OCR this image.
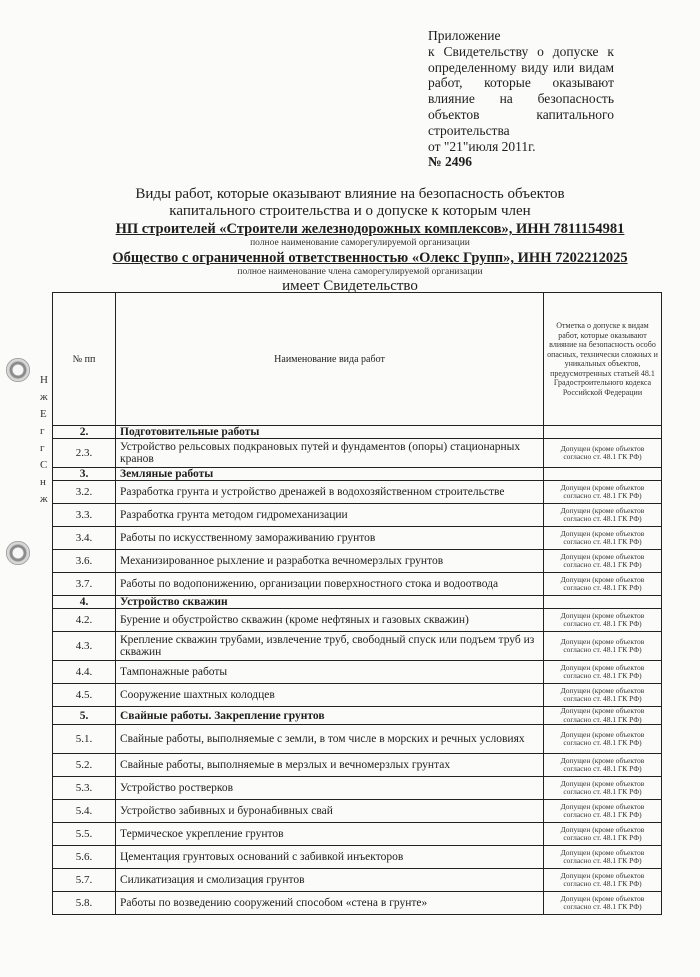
Н
ж
Е
г
г
С
н
ж
Приложение
к Свидетельству о допуске к определенному виду или видам работ, которые оказывают влияние на безопасность объектов капитального строительства
от "21"июля 2011г.
№ 2496
Виды работ, которые оказывают влияние на безопасность объектов капитального строительства и о допуске к которым член
НП строителей «Строители железнодорожных комплексов», ИНН 7811154981
полное наименование саморегулируемой организации
Общество с ограниченной ответственностью «Олекс Групп», ИНН 7202212025
полное наименование члена саморегулируемой организации
имеет Свидетельство
№ пп	Наименование вида работ	Отметка о допуске к видам работ, которые оказывают влияние на безопасность особо опасных, технически сложных и уникальных объектов, предусмотренных статьей 48.1 Градостроительного кодекса Российской Федерации
2.	Подготовительные работы	
2.3.	Устройство рельсовых подкрановых путей и фундаментов (опоры) стационарных кранов	Допущен (кроме объектов согласно ст. 48.1 ГК РФ)
3.	Земляные работы	
3.2.	Разработка грунта и устройство дренажей в водохозяйственном строительстве	Допущен (кроме объектов согласно ст. 48.1 ГК РФ)
3.3.	Разработка грунта методом гидромеханизации	Допущен (кроме объектов согласно ст. 48.1 ГК РФ)
3.4.	Работы по искусственному замораживанию грунтов	Допущен (кроме объектов согласно ст. 48.1 ГК РФ)
3.6.	Механизированное рыхление и разработка вечномерзлых грунтов	Допущен (кроме объектов согласно ст. 48.1 ГК РФ)
3.7.	Работы по водопонижению, организации поверхностного стока и водоотвода	Допущен (кроме объектов согласно ст. 48.1 ГК РФ)
4.	Устройство скважин	
4.2.	Бурение и обустройство скважин (кроме нефтяных и газовых скважин)	Допущен (кроме объектов согласно ст. 48.1 ГК РФ)
4.3.	Крепление скважин трубами, извлечение труб, свободный спуск или подъем труб из скважин	Допущен (кроме объектов согласно ст. 48.1 ГК РФ)
4.4.	Тампонажные работы	Допущен (кроме объектов согласно ст. 48.1 ГК РФ)
4.5.	Сооружение шахтных колодцев	Допущен (кроме объектов согласно ст. 48.1 ГК РФ)
5.	Свайные работы. Закрепление грунтов	Допущен (кроме объектов согласно ст. 48.1 ГК РФ)
5.1.	Свайные работы, выполняемые с земли, в том числе в морских и речных условиях	Допущен (кроме объектов согласно ст. 48.1 ГК РФ)
5.2.	Свайные работы, выполняемые в мерзлых и вечномерзлых грунтах	Допущен (кроме объектов согласно ст. 48.1 ГК РФ)
5.3.	Устройство ростверков	Допущен (кроме объектов согласно ст. 48.1 ГК РФ)
5.4.	Устройство забивных и буронабивных свай	Допущен (кроме объектов согласно ст. 48.1 ГК РФ)
5.5.	Термическое укрепление грунтов	Допущен (кроме объектов согласно ст. 48.1 ГК РФ)
5.6.	Цементация грунтовых оснований с забивкой инъекторов	Допущен (кроме объектов согласно ст. 48.1 ГК РФ)
5.7.	Силикатизация и смолизация грунтов	Допущен (кроме объектов согласно ст. 48.1 ГК РФ)
5.8.	Работы по возведению сооружений способом «стена в грунте»	Допущен (кроме объектов согласно ст. 48.1 ГК РФ)
